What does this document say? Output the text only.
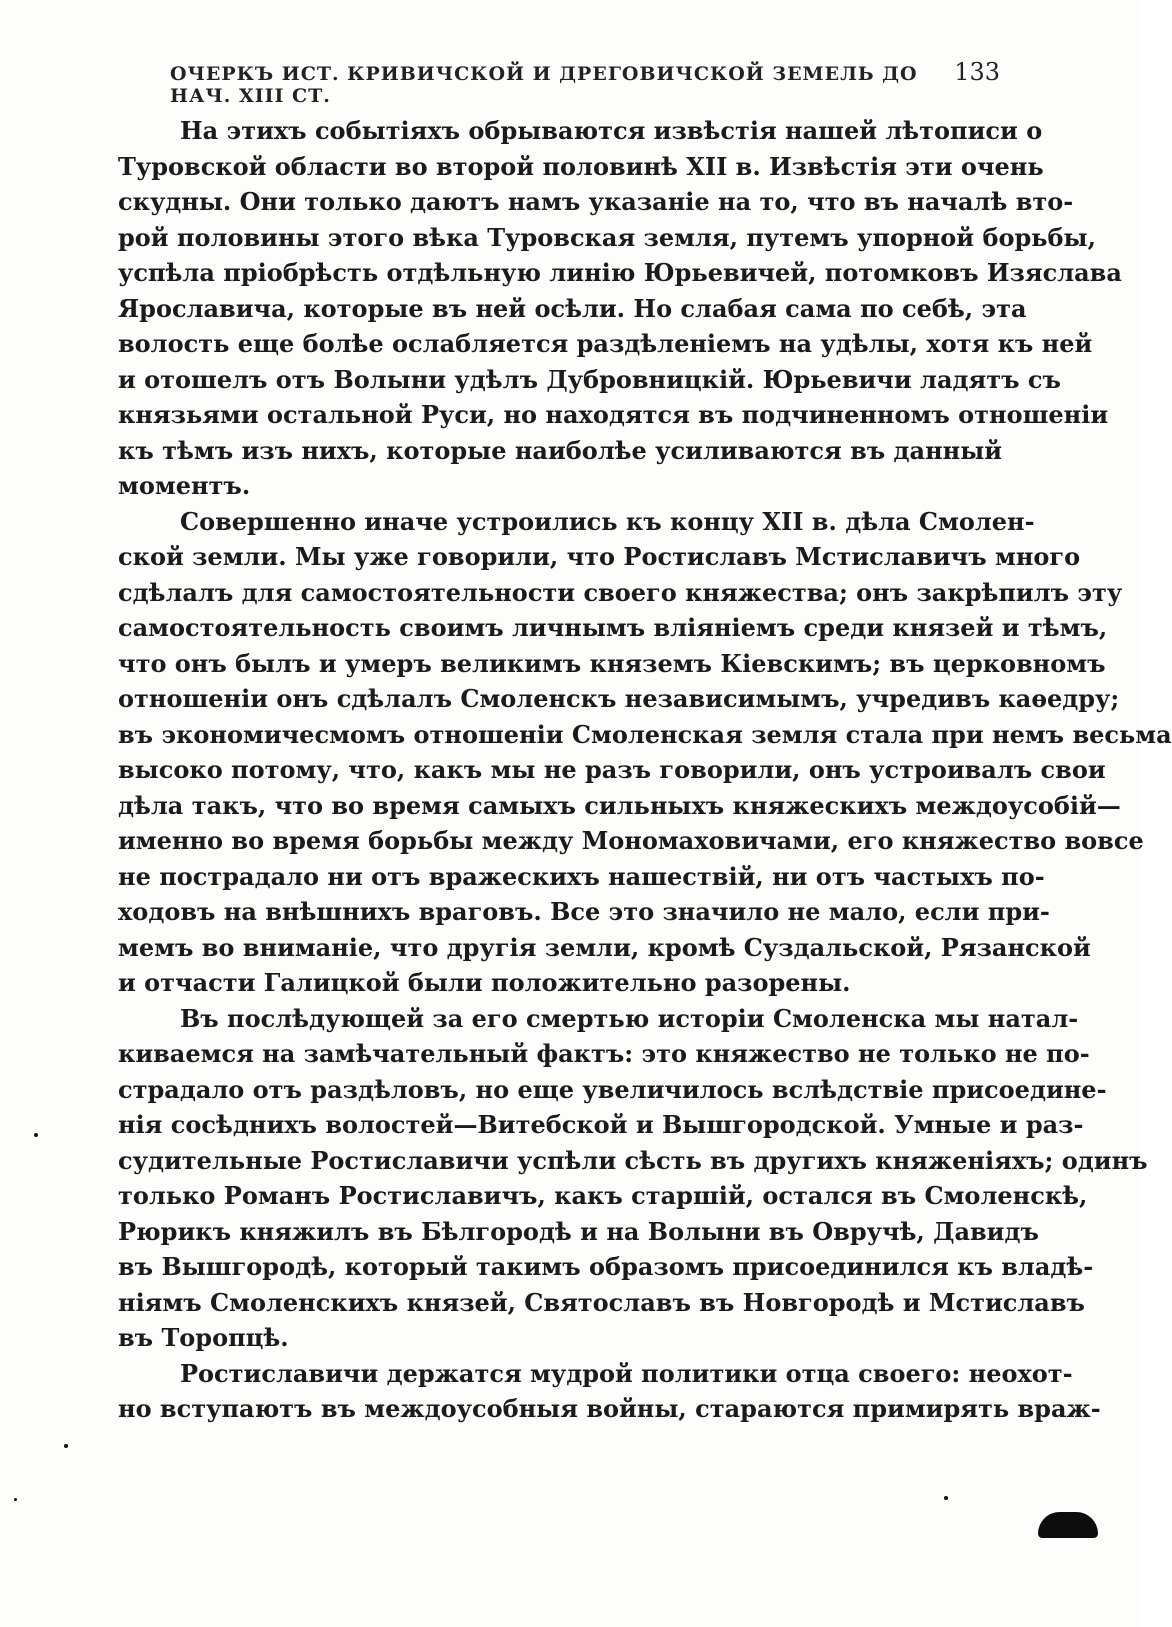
ОЧЕРКЪ ИСТ. КРИВИЧСКОЙ И ДРЕГОВИЧСКОЙ ЗЕМЕЛЬ ДО НАЧ. XIII СТ.
133
На этихъ событіяхъ обрываются извѣстія нашей лѣтописи о
Туровской области во второй половинѣ XII в. Извѣстія эти очень
скудны. Они только даютъ намъ указаніе на то, что въ началѣ вто-
рой половины этого вѣка Туровская земля, путемъ упорной борьбы,
успѣла пріобрѣсть отдѣльную линію Юрьевичей, потомковъ Изяслава
Ярославича, которые въ ней осѣли. Но слабая сама по себѣ, эта
волость еще болѣе ослабляется раздѣленіемъ на удѣлы, хотя къ ней
и отошелъ отъ Волыни удѣлъ Дубровницкій. Юрьевичи ладятъ съ
князьями остальной Руси, но находятся въ подчиненномъ отношеніи
къ тѣмъ изъ нихъ, которые наиболѣе усиливаются въ данный
моментъ.
Совершенно иначе устроились къ концу XII в. дѣла Смолен-
ской земли. Мы уже говорили, что Ростиславъ Мстиславичъ много
сдѣлалъ для самостоятельности своего княжества; онъ закрѣпилъ эту
самостоятельность своимъ личнымъ вліяніемъ среди князей и тѣмъ,
что онъ былъ и умеръ великимъ княземъ Кіевскимъ; въ церковномъ
отношеніи онъ сдѣлалъ Смоленскъ независимымъ, учредивъ каѳедру;
въ экономичесмомъ отношеніи Смоленская земля стала при немъ весьма
высоко потому, что, какъ мы не разъ говорили, онъ устроивалъ свои
дѣла такъ, что во время самыхъ сильныхъ княжескихъ междоусобій—
именно во время борьбы между Мономаховичами, его княжество вовсе
не пострадало ни отъ вражескихъ нашествій, ни отъ частыхъ по-
ходовъ на внѣшнихъ враговъ. Все это значило не мало, если при-
мемъ во вниманіе, что другія земли, кромѣ Суздальской, Рязанской
и отчасти Галицкой были положительно разорены.
Въ послѣдующей за его смертью исторіи Смоленска мы натал-
киваемся на замѣчательный фактъ: это княжество не только не по-
страдало отъ раздѣловъ, но еще увеличилось вслѣдствіе присоедине-
нія сосѣднихъ волостей—Витебской и Вышгородской. Умные и раз-
судительные Ростиславичи успѣли сѣсть въ другихъ княженіяхъ; одинъ
только Романъ Ростиславичъ, какъ старшій, остался въ Смоленскѣ,
Рюрикъ княжилъ въ Бѣлгородѣ и на Волыни въ Овручѣ, Давидъ
въ Вышгородѣ, который такимъ образомъ присоединился къ владѣ-
ніямъ Смоленскихъ князей, Святославъ въ Новгородѣ и Мстиславъ
въ Торопцѣ.
Ростиславичи держатся мудрой политики отца своего: неохот-
но вступаютъ въ междоусобныя войны, стараются примирять враж-
